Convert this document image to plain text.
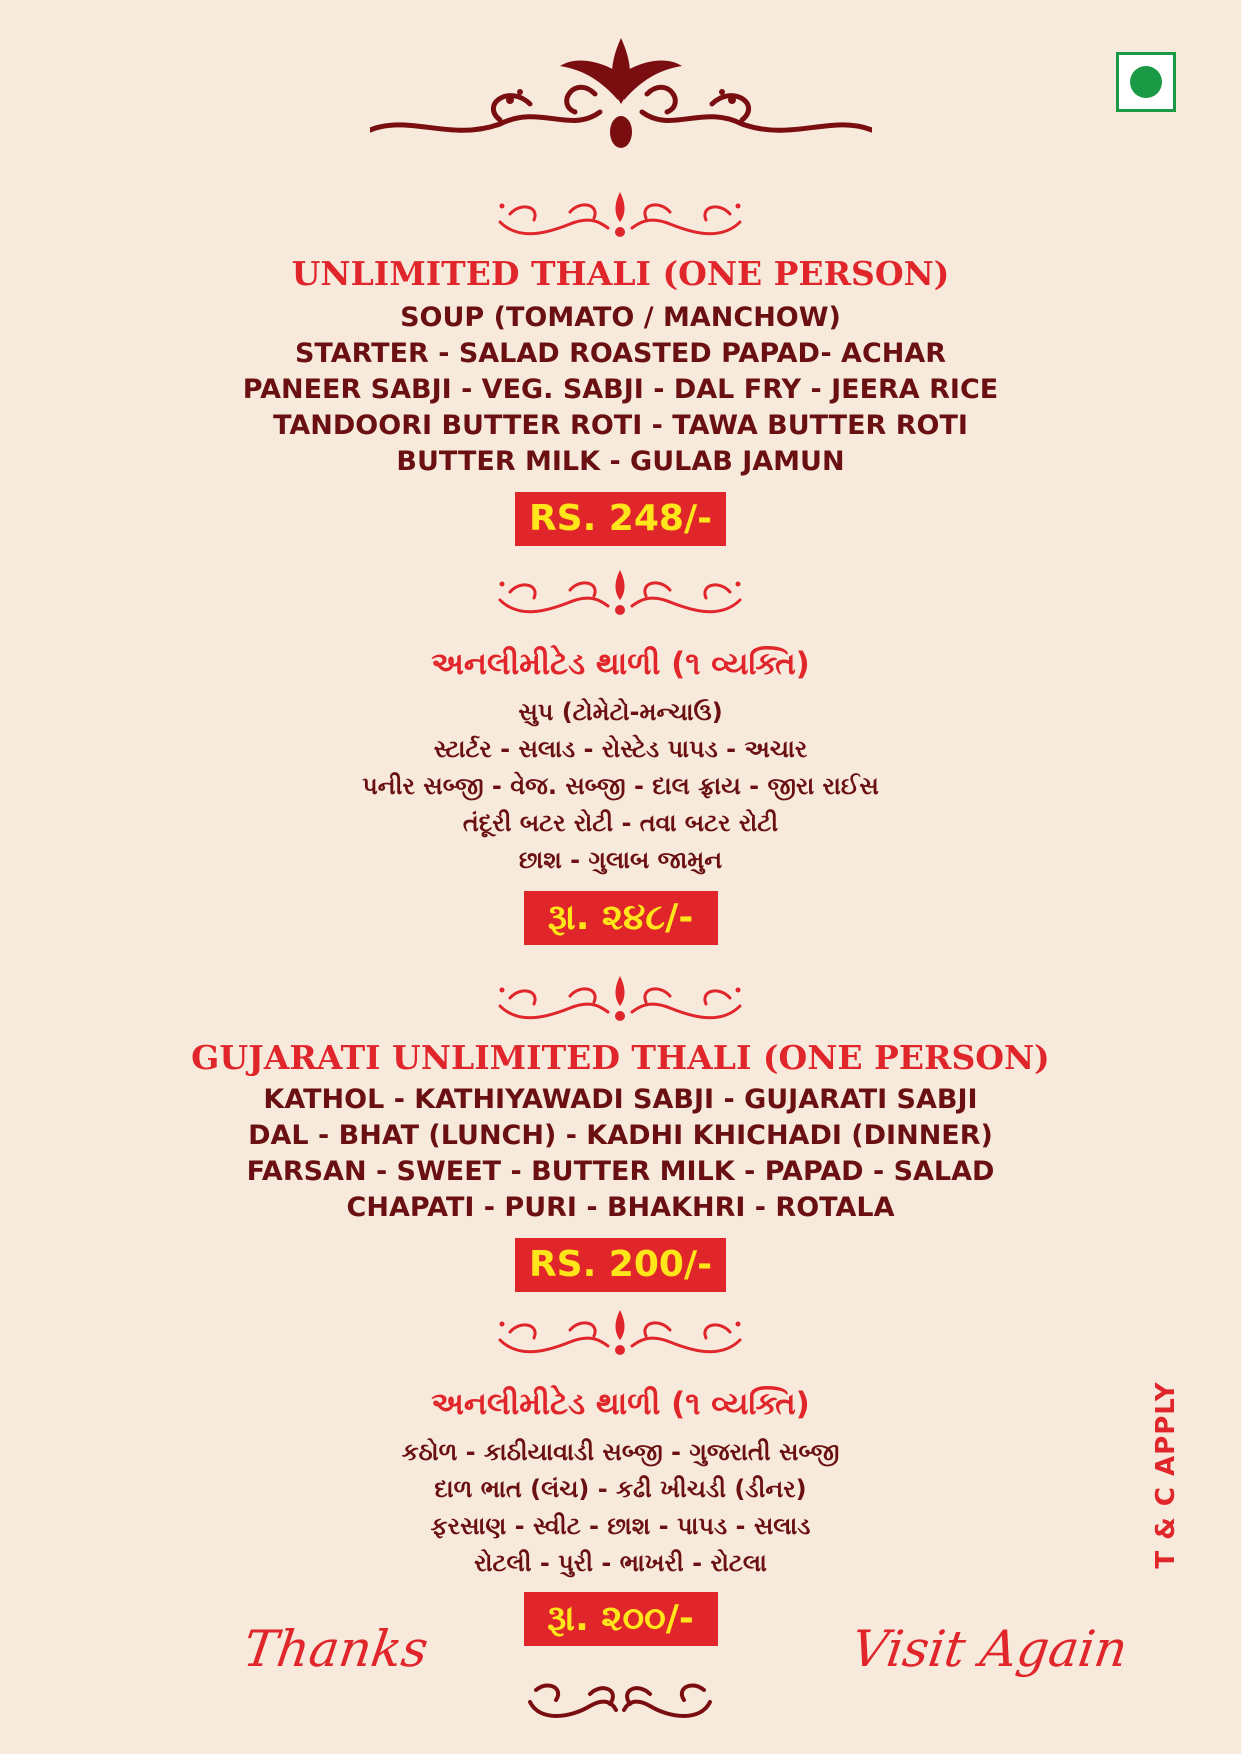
UNLIMITED THALI (ONE PERSON)

SOUP (TOMATO / MANCHOW)

STARTER - SALAD ROASTED PAPAD- ACHAR

PANEER SABJI - VEG. SABJI - DAL FRY - JEERA RICE

TANDOORI BUTTER ROTI - TAWA BUTTER ROTI

BUTTER MILK - GULAB JAMUN

RS. 248/-

અનલીમીટેડ થાળી (૧ વ્યક્તિ)

સુપ (ટોમેટો-મન્ચાઉ)

સ્ટાર્ટર - સલાડ - રોસ્ટેડ પાપડ - અચાર

પનીર સબ્જી - વેજ. સબ્જી - દાલ ફ્રાય - જીરા રાઈસ

તંદૂરી બટર રોટી - તવા બટર રોટી

છાશ - ગુલાબ જામુન

રૂા. ૨૪૮/-

GUJARATI UNLIMITED THALI (ONE PERSON)

KATHOL - KATHIYAWADI SABJI - GUJARATI SABJI

DAL - BHAT (LUNCH) - KADHI KHICHADI (DINNER)

FARSAN - SWEET - BUTTER MILK - PAPAD - SALAD

CHAPATI - PURI - BHAKHRI - ROTALA

RS. 200/-

અનલીમીટેડ થાળી (૧ વ્યક્તિ)

કઠોળ - કાઠીયાવાડી સબ્જી - ગુજરાતી સબ્જી

દાળ ભાત (લંચ) - કઢી ખીચડી (ડીનર)

ફરસાણ - સ્વીટ - છાશ - પાપડ - સલાડ

રોટલી - પુરી - ભાખરી - રોટલા

રૂા. ૨૦૦/-
T & C APPLY
Thanks	Visit Again
